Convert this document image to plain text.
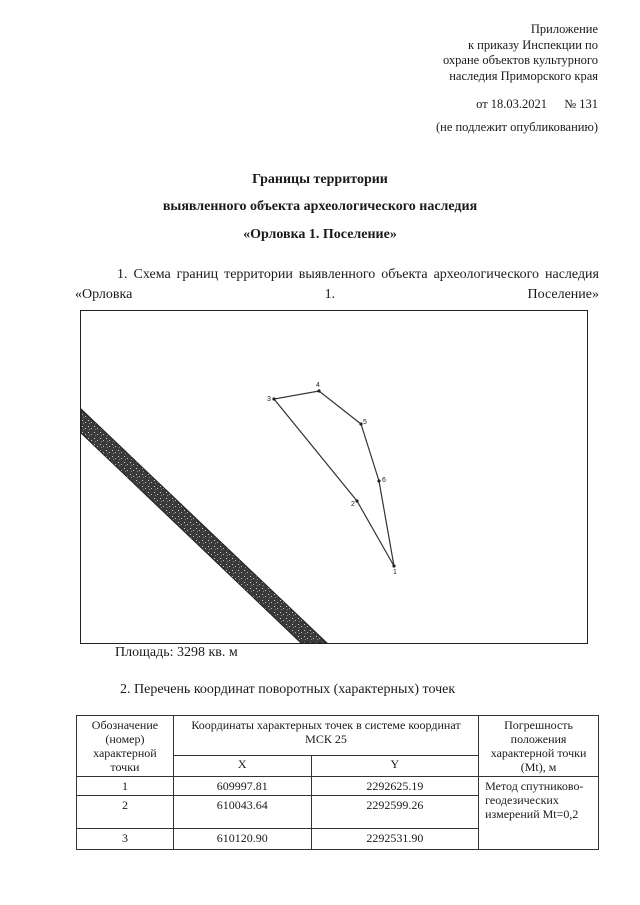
Приложение
к приказу Инспекции по
охране объектов культурного
наследия Приморского края
от 18.03.2021 № 131
(не подлежит опубликованию)
Границы территории
выявленного объекта археологического наследия
«Орловка 1. Поселение»
1. Схема границ территории выявленного объекта археологического наследия «Орловка 1. Поселение»
1
2
3
4
5
6
Площадь: 3298 кв. м
2. Перечень координат поворотных (характерных) точек
Обозначение (номер) характерной точки	Координаты характерных точек в системе координат МСК 25		Погрешность положения характерной точки (Mt), м
	X	Y	
1	609997.81	2292625.19	Метод спутниково-геодезических измерений Mt=0,2
2	610043.64	2292599.26	
3	610120.90	2292531.90	
